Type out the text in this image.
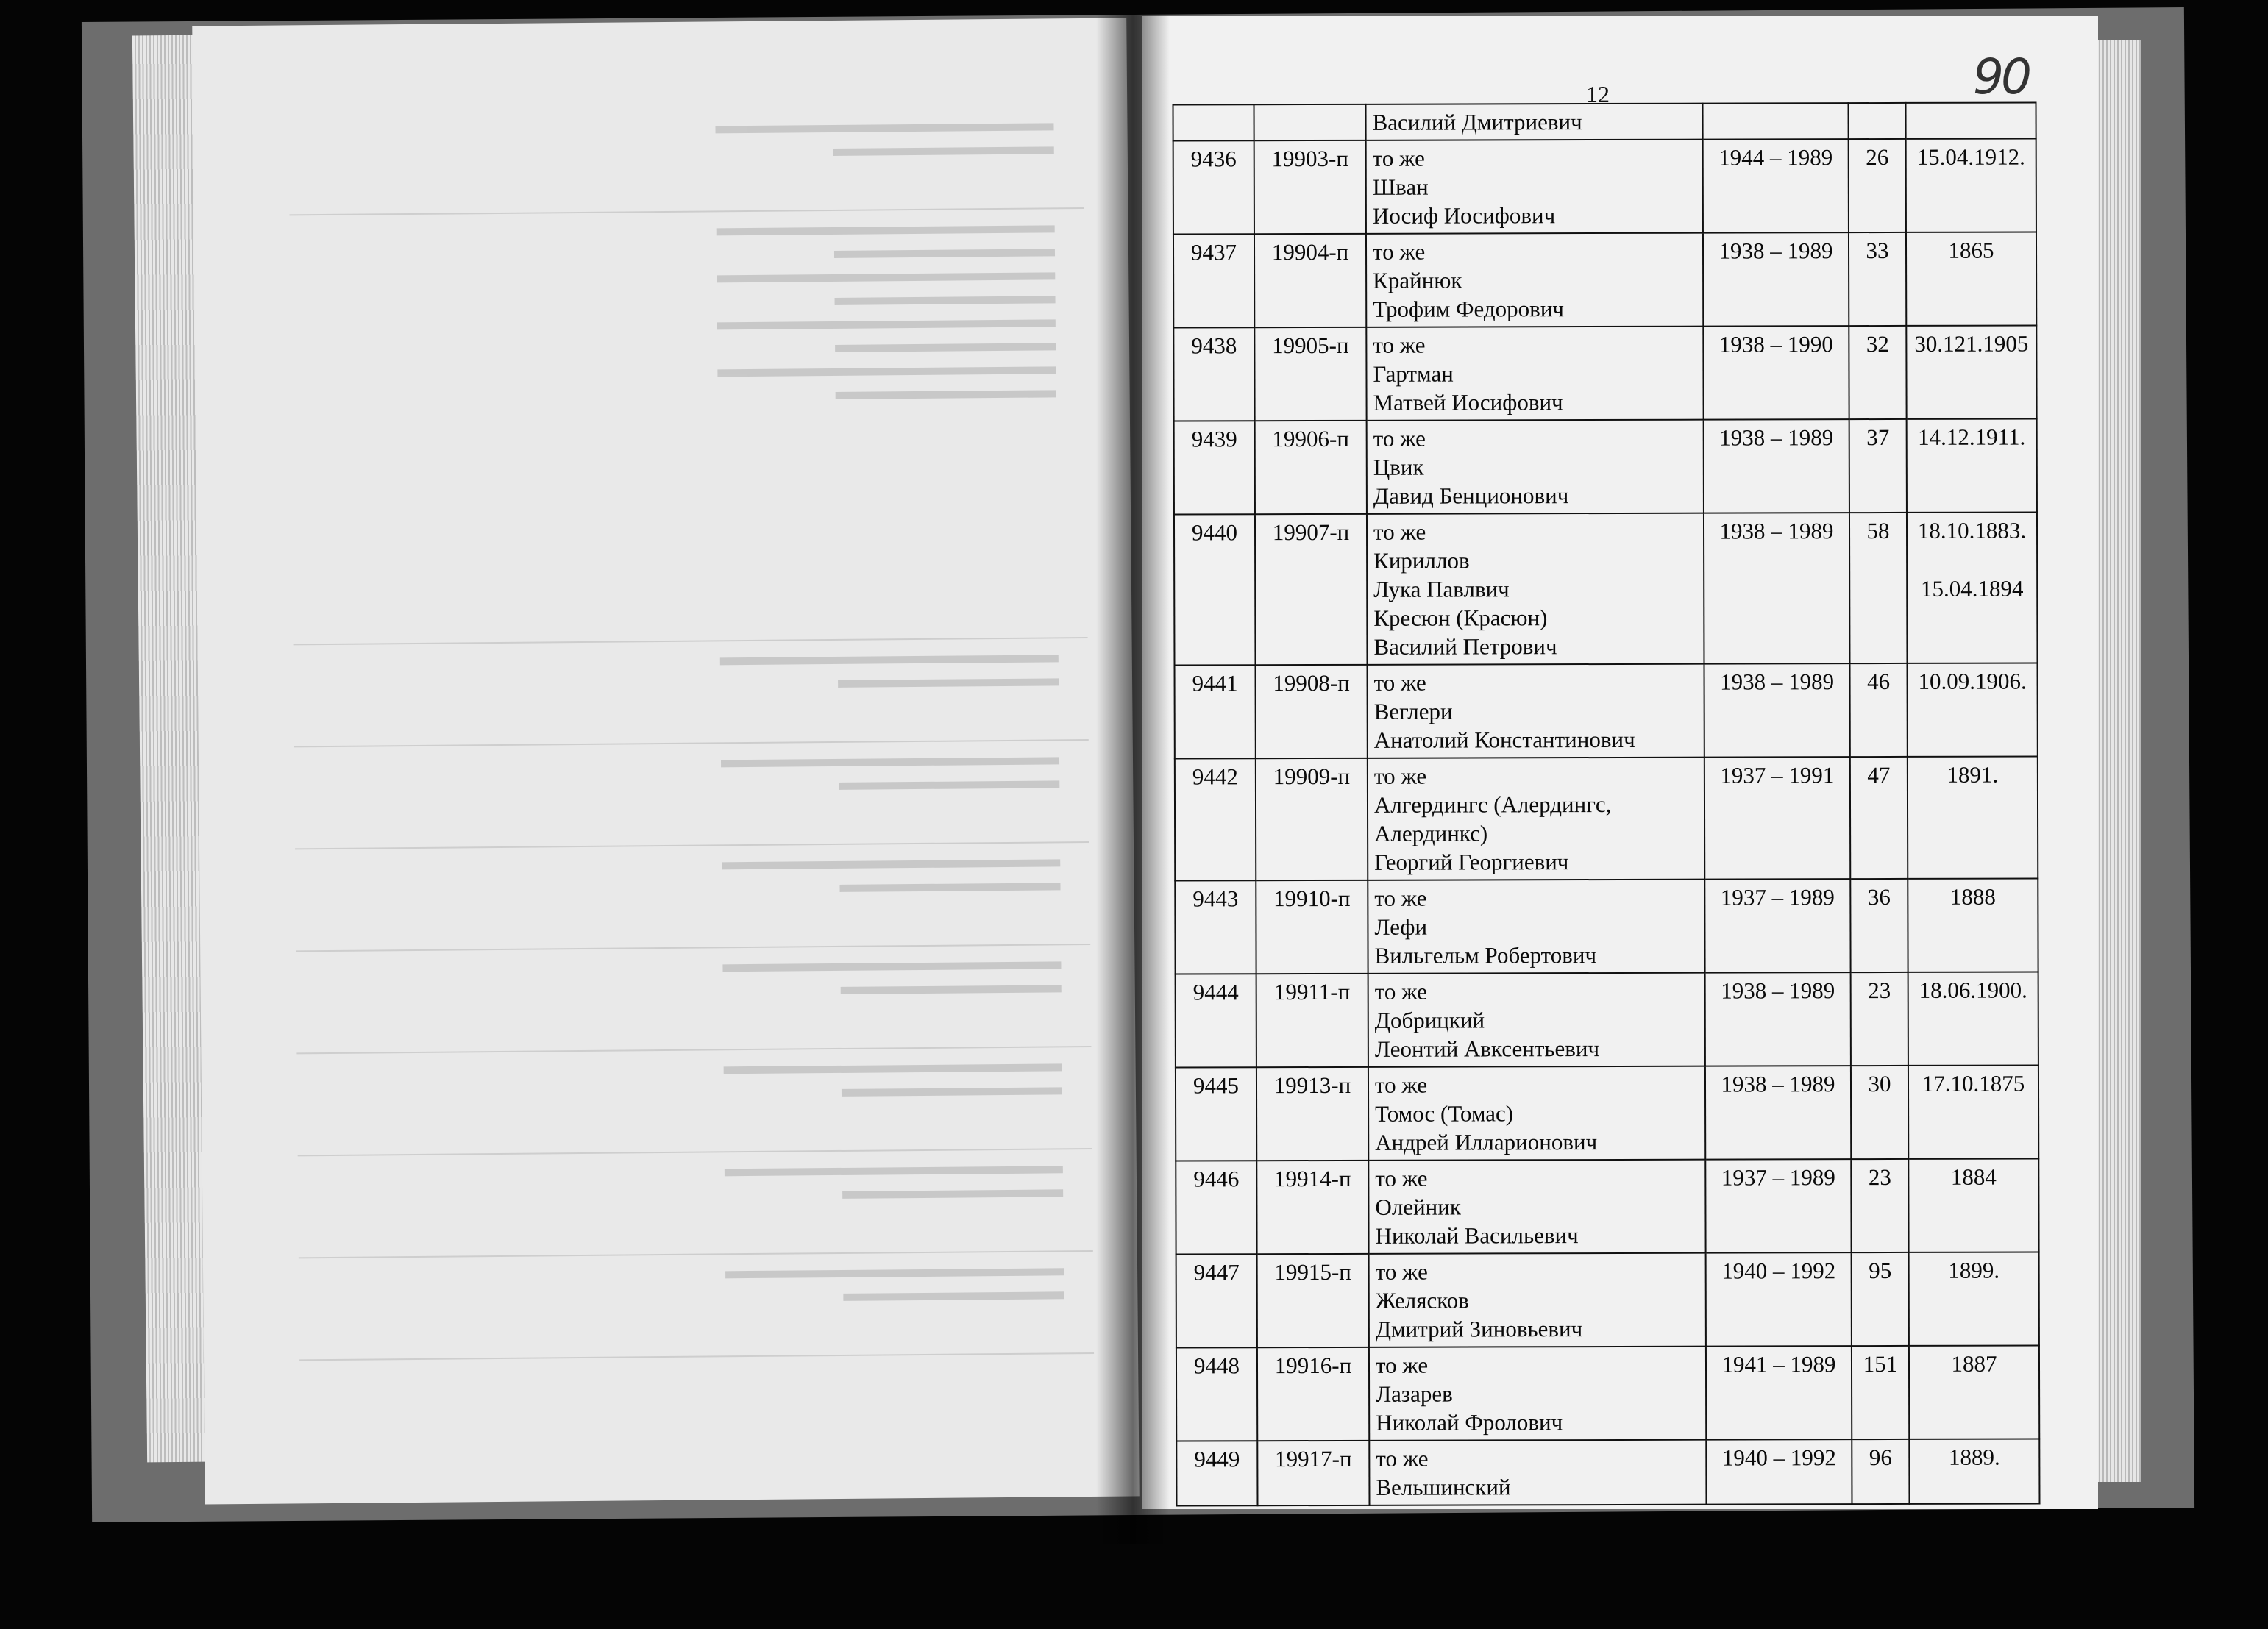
12	90

		Василий Дмитриевич			

9436	19903-п	то же
Шван
Иосиф Иосифович	1944 – 1989	26	15.04.1912.

9437	19904-п	то же
Крайнюк
Трофим Федорович	1938 – 1989	33	1865

9438	19905-п	то же
Гартман
Матвей Иосифович	1938 – 1990	32	30.121.1905

9439	19906-п	то же
Цвик
Давид Бенционович	1938 – 1989	37	14.12.1911.

9440	19907-п	то же
Кириллов
Лука Павлвич
Кресюн (Красюн)
Василий Петрович	1938 – 1989	58	18.10.1883.
15.04.1894

9441	19908-п	то же
Веглери
Анатолий Константинович	1938 – 1989	46	10.09.1906.

9442	19909-п	то же
Алгердингс (Алердингс,
Алердинкс)
Георгий Георгиевич	1937 – 1991	47	1891.

9443	19910-п	то же
Лефи
Вильгельм Робертович	1937 – 1989	36	1888

9444	19911-п	то же
Добрицкий
Леонтий Авксентьевич	1938 – 1989	23	18.06.1900.

9445	19913-п	то же
Томос (Томас)
Андрей Илларионович	1938 – 1989	30	17.10.1875

9446	19914-п	то же
Олейник
Николай Васильевич	1937 – 1989	23	1884

9447	19915-п	то же
Желясков
Дмитрий Зиновьевич	1940 – 1992	95	1899.

9448	19916-п	то же
Лазарев
Николай Фролович	1941 – 1989	151	1887

9449	19917-п	то же
Вельшинский	1940 – 1992	96	1889.
